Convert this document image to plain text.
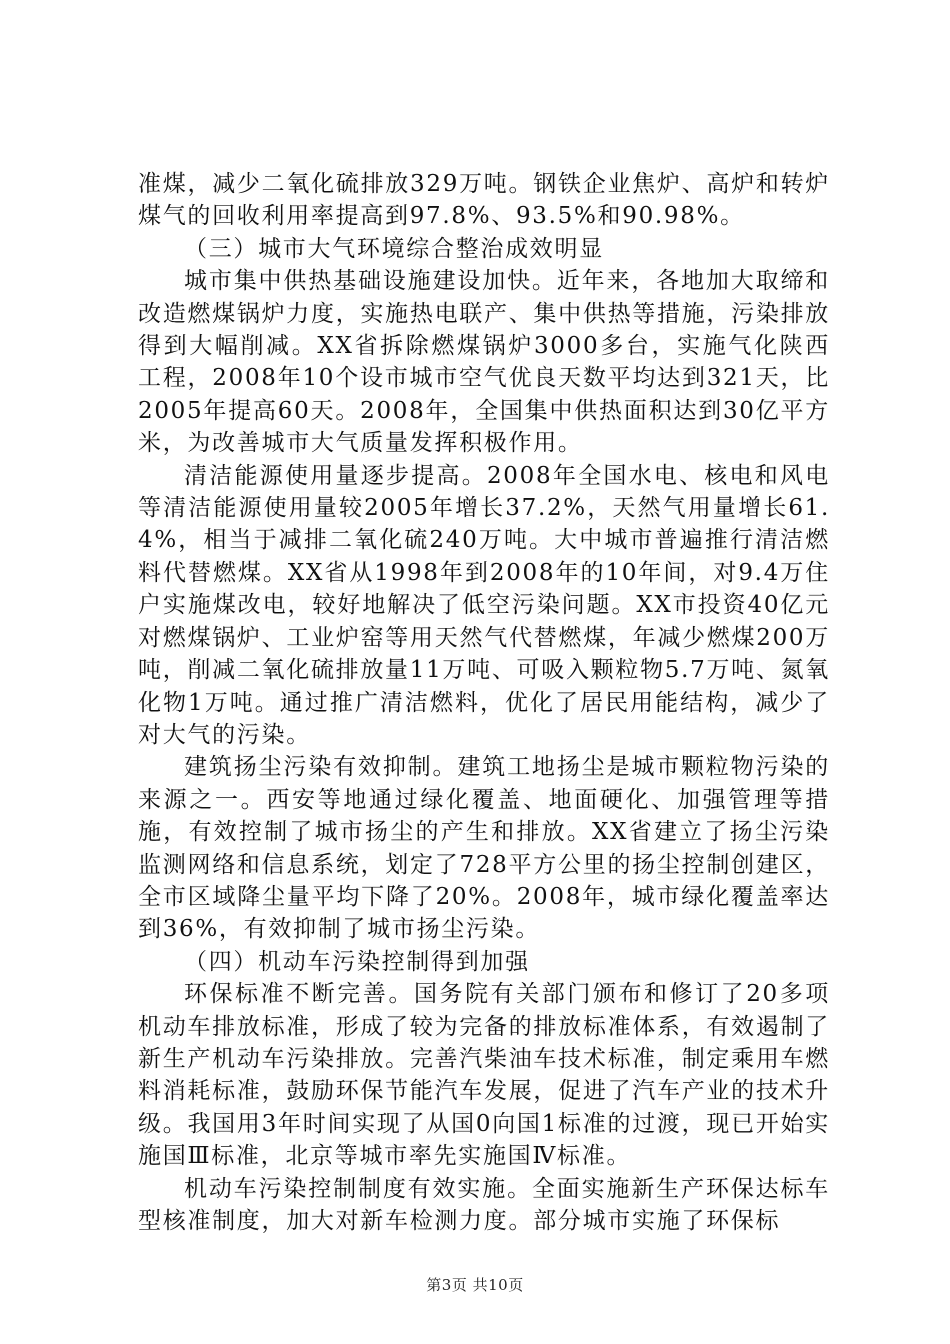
准煤，减少二氧化硫排放329万吨。钢铁企业焦炉、高炉和转炉煤气的回收利用率提高到97.8%、93.5%和90.98%。

（三）城市大气环境综合整治成效明显

城市集中供热基础设施建设加快。近年来，各地加大取缔和改造燃煤锅炉力度，实施热电联产、集中供热等措施，污染排放得到大幅削减。XX省拆除燃煤锅炉3000多台，实施气化陕西工程，2008年10个设市城市空气优良天数平均达到321天，比2005年提高60天。2008年，全国集中供热面积达到30亿平方米，为改善城市大气质量发挥积极作用。

清洁能源使用量逐步提高。2008年全国水电、核电和风电等清洁能源使用量较2005年增长37.2%，天然气用量增长61.4%，相当于减排二氧化硫240万吨。大中城市普遍推行清洁燃料代替燃煤。XX省从1998年到2008年的10年间，对9.4万住户实施煤改电，较好地解决了低空污染问题。XX市投资40亿元对燃煤锅炉、工业炉窑等用天然气代替燃煤，年减少燃煤200万吨，削减二氧化硫排放量11万吨、可吸入颗粒物5.7万吨、氮氧化物1万吨。通过推广清洁燃料，优化了居民用能结构，减少了对大气的污染。

建筑扬尘污染有效抑制。建筑工地扬尘是城市颗粒物污染的来源之一。西安等地通过绿化覆盖、地面硬化、加强管理等措施，有效控制了城市扬尘的产生和排放。XX省建立了扬尘污染监测网络和信息系统，划定了728平方公里的扬尘控制创建区，全市区域降尘量平均下降了20%。2008年，城市绿化覆盖率达到36%，有效抑制了城市扬尘污染。

（四）机动车污染控制得到加强

环保标准不断完善。国务院有关部门颁布和修订了20多项机动车排放标准，形成了较为完备的排放标准体系，有效遏制了新生产机动车污染排放。完善汽柴油车技术标准，制定乘用车燃料消耗标准，鼓励环保节能汽车发展，促进了汽车产业的技术升级。我国用3年时间实现了从国0向国1标准的过渡，现已开始实施国Ⅲ标准，北京等城市率先实施国Ⅳ标准。

机动车污染控制制度有效实施。全面实施新生产环保达标车型核准制度，加大对新车检测力度。部分城市实施了环保标

第3页 共10页
